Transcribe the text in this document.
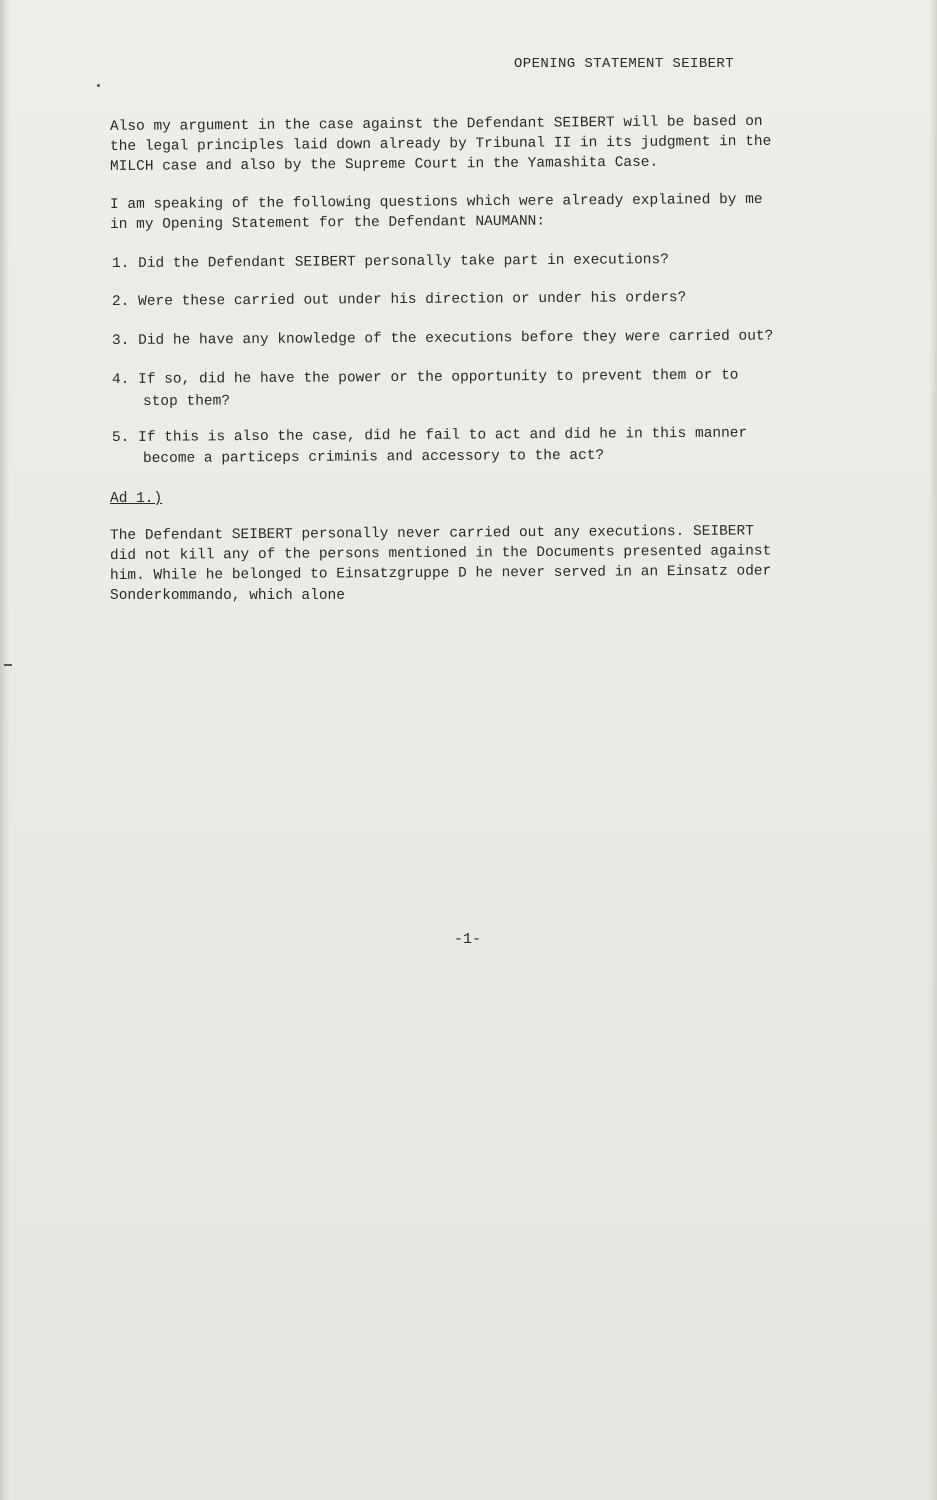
OPENING STATEMENT SEIBERT
Also my argument in the case against the Defendant SEIBERT will be based on
the legal principles laid down already by Tribunal II in its judgment in the
MILCH case and also by the Supreme Court in the Yamashita Case.
I am speaking of the following questions which were already explained by me
in my Opening Statement for the Defendant NAUMANN:
1. Did the Defendant SEIBERT personally take part in executions?
2. Were these carried out under his direction or under his orders?
3. Did he have any knowledge of the executions before they were carried out?
4. If so, did he have the power or the opportunity to prevent them or to
stop them?
5. If this is also the case, did he fail to act and did he in this manner
become a particeps criminis and accessory to the act?
Ad 1.)
The Defendant SEIBERT personally never carried out any executions. SEIBERT
did not kill any of the persons mentioned in the Documents presented against
him. While he belonged to Einsatzgruppe D he never served in an Einsatz oder
Sonderkommando, which alone
-1-
